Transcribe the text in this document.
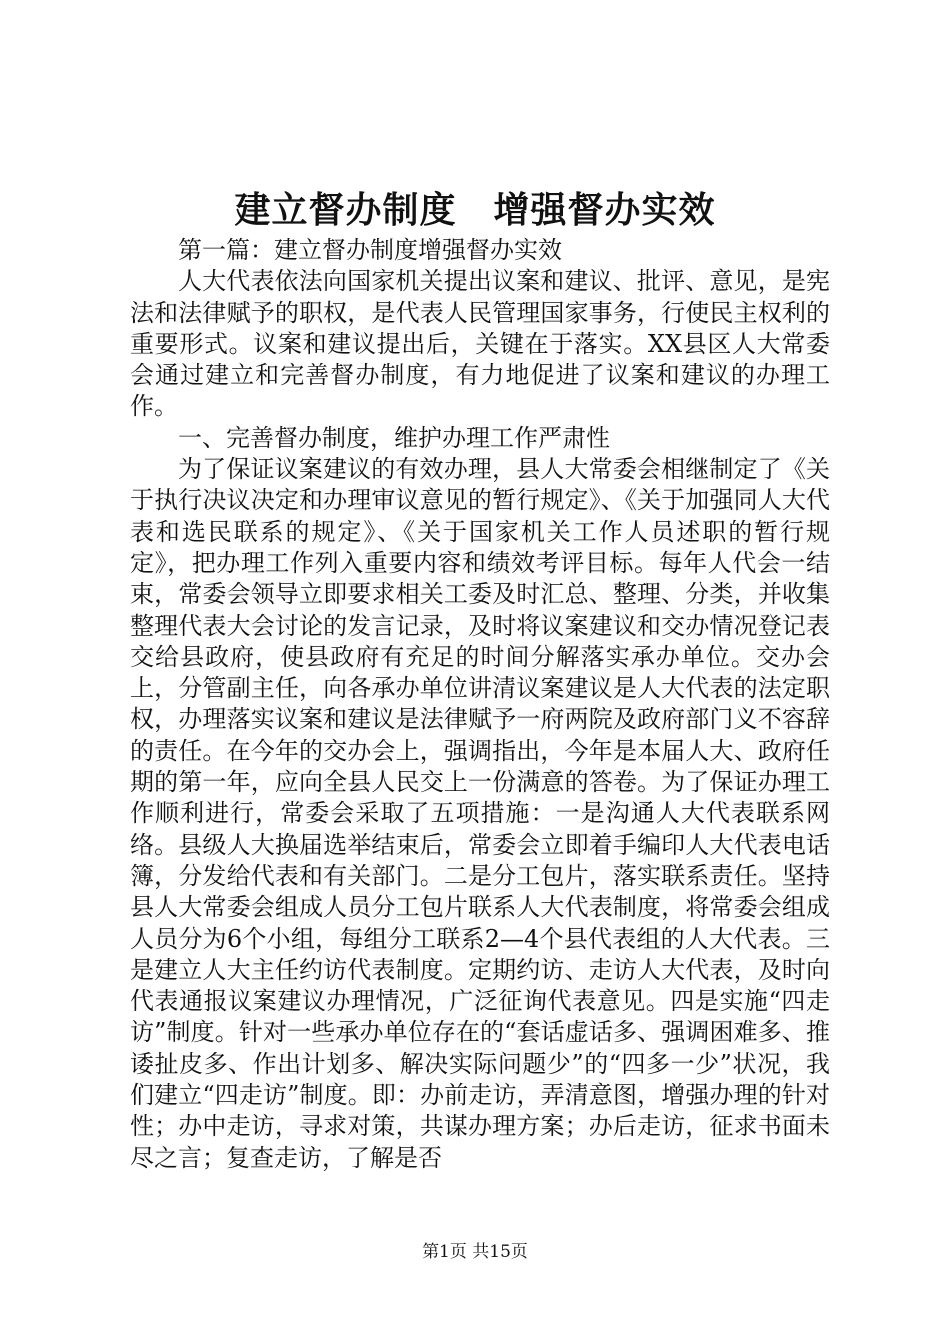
建立督办制度　增强督办实效

第一篇：建立督办制度增强督办实效

人大代表依法向国家机关提出议案和建议、批评、意见，是宪法和法律赋予的职权，是代表人民管理国家事务，行使民主权利的重要形式。议案和建议提出后，关键在于落实。XX县区人大常委会通过建立和完善督办制度，有力地促进了议案和建议的办理工作。

一、完善督办制度，维护办理工作严肃性

为了保证议案建议的有效办理，县人大常委会相继制定了《关于执行决议决定和办理审议意见的暂行规定》、《关于加强同人大代表和选民联系的规定》、《关于国家机关工作人员述职的暂行规定》，把办理工作列入重要内容和绩效考评目标。每年人代会一结束，常委会领导立即要求相关工委及时汇总、整理、分类，并收集整理代表大会讨论的发言记录，及时将议案建议和交办情况登记表交给县政府，使县政府有充足的时间分解落实承办单位。交办会上，分管副主任，向各承办单位讲清议案建议是人大代表的法定职权，办理落实议案和建议是法律赋予一府两院及政府部门义不容辞的责任。在今年的交办会上，强调指出，今年是本届人大、政府任期的第一年，应向全县人民交上一份满意的答卷。为了保证办理工作顺利进行，常委会采取了五项措施：一是沟通人大代表联系网络。县级人大换届选举结束后，常委会立即着手编印人大代表电话簿，分发给代表和有关部门。二是分工包片，落实联系责任。坚持县人大常委会组成人员分工包片联系人大代表制度，将常委会组成人员分为6个小组，每组分工联系2—4个县代表组的人大代表。三是建立人大主任约访代表制度。定期约访、走访人大代表，及时向代表通报议案建议办理情况，广泛征询代表意见。四是实施“四走访”制度。针对一些承办单位存在的“套话虚话多、强调困难多、推诿扯皮多、作出计划多、解决实际问题少”的“四多一少”状况，我们建立“四走访”制度。即：办前走访，弄清意图，增强办理的针对性；办中走访，寻求对策，共谋办理方案；办后走访，征求书面未尽之言；复查走访，了解是否

第1页 共15页
